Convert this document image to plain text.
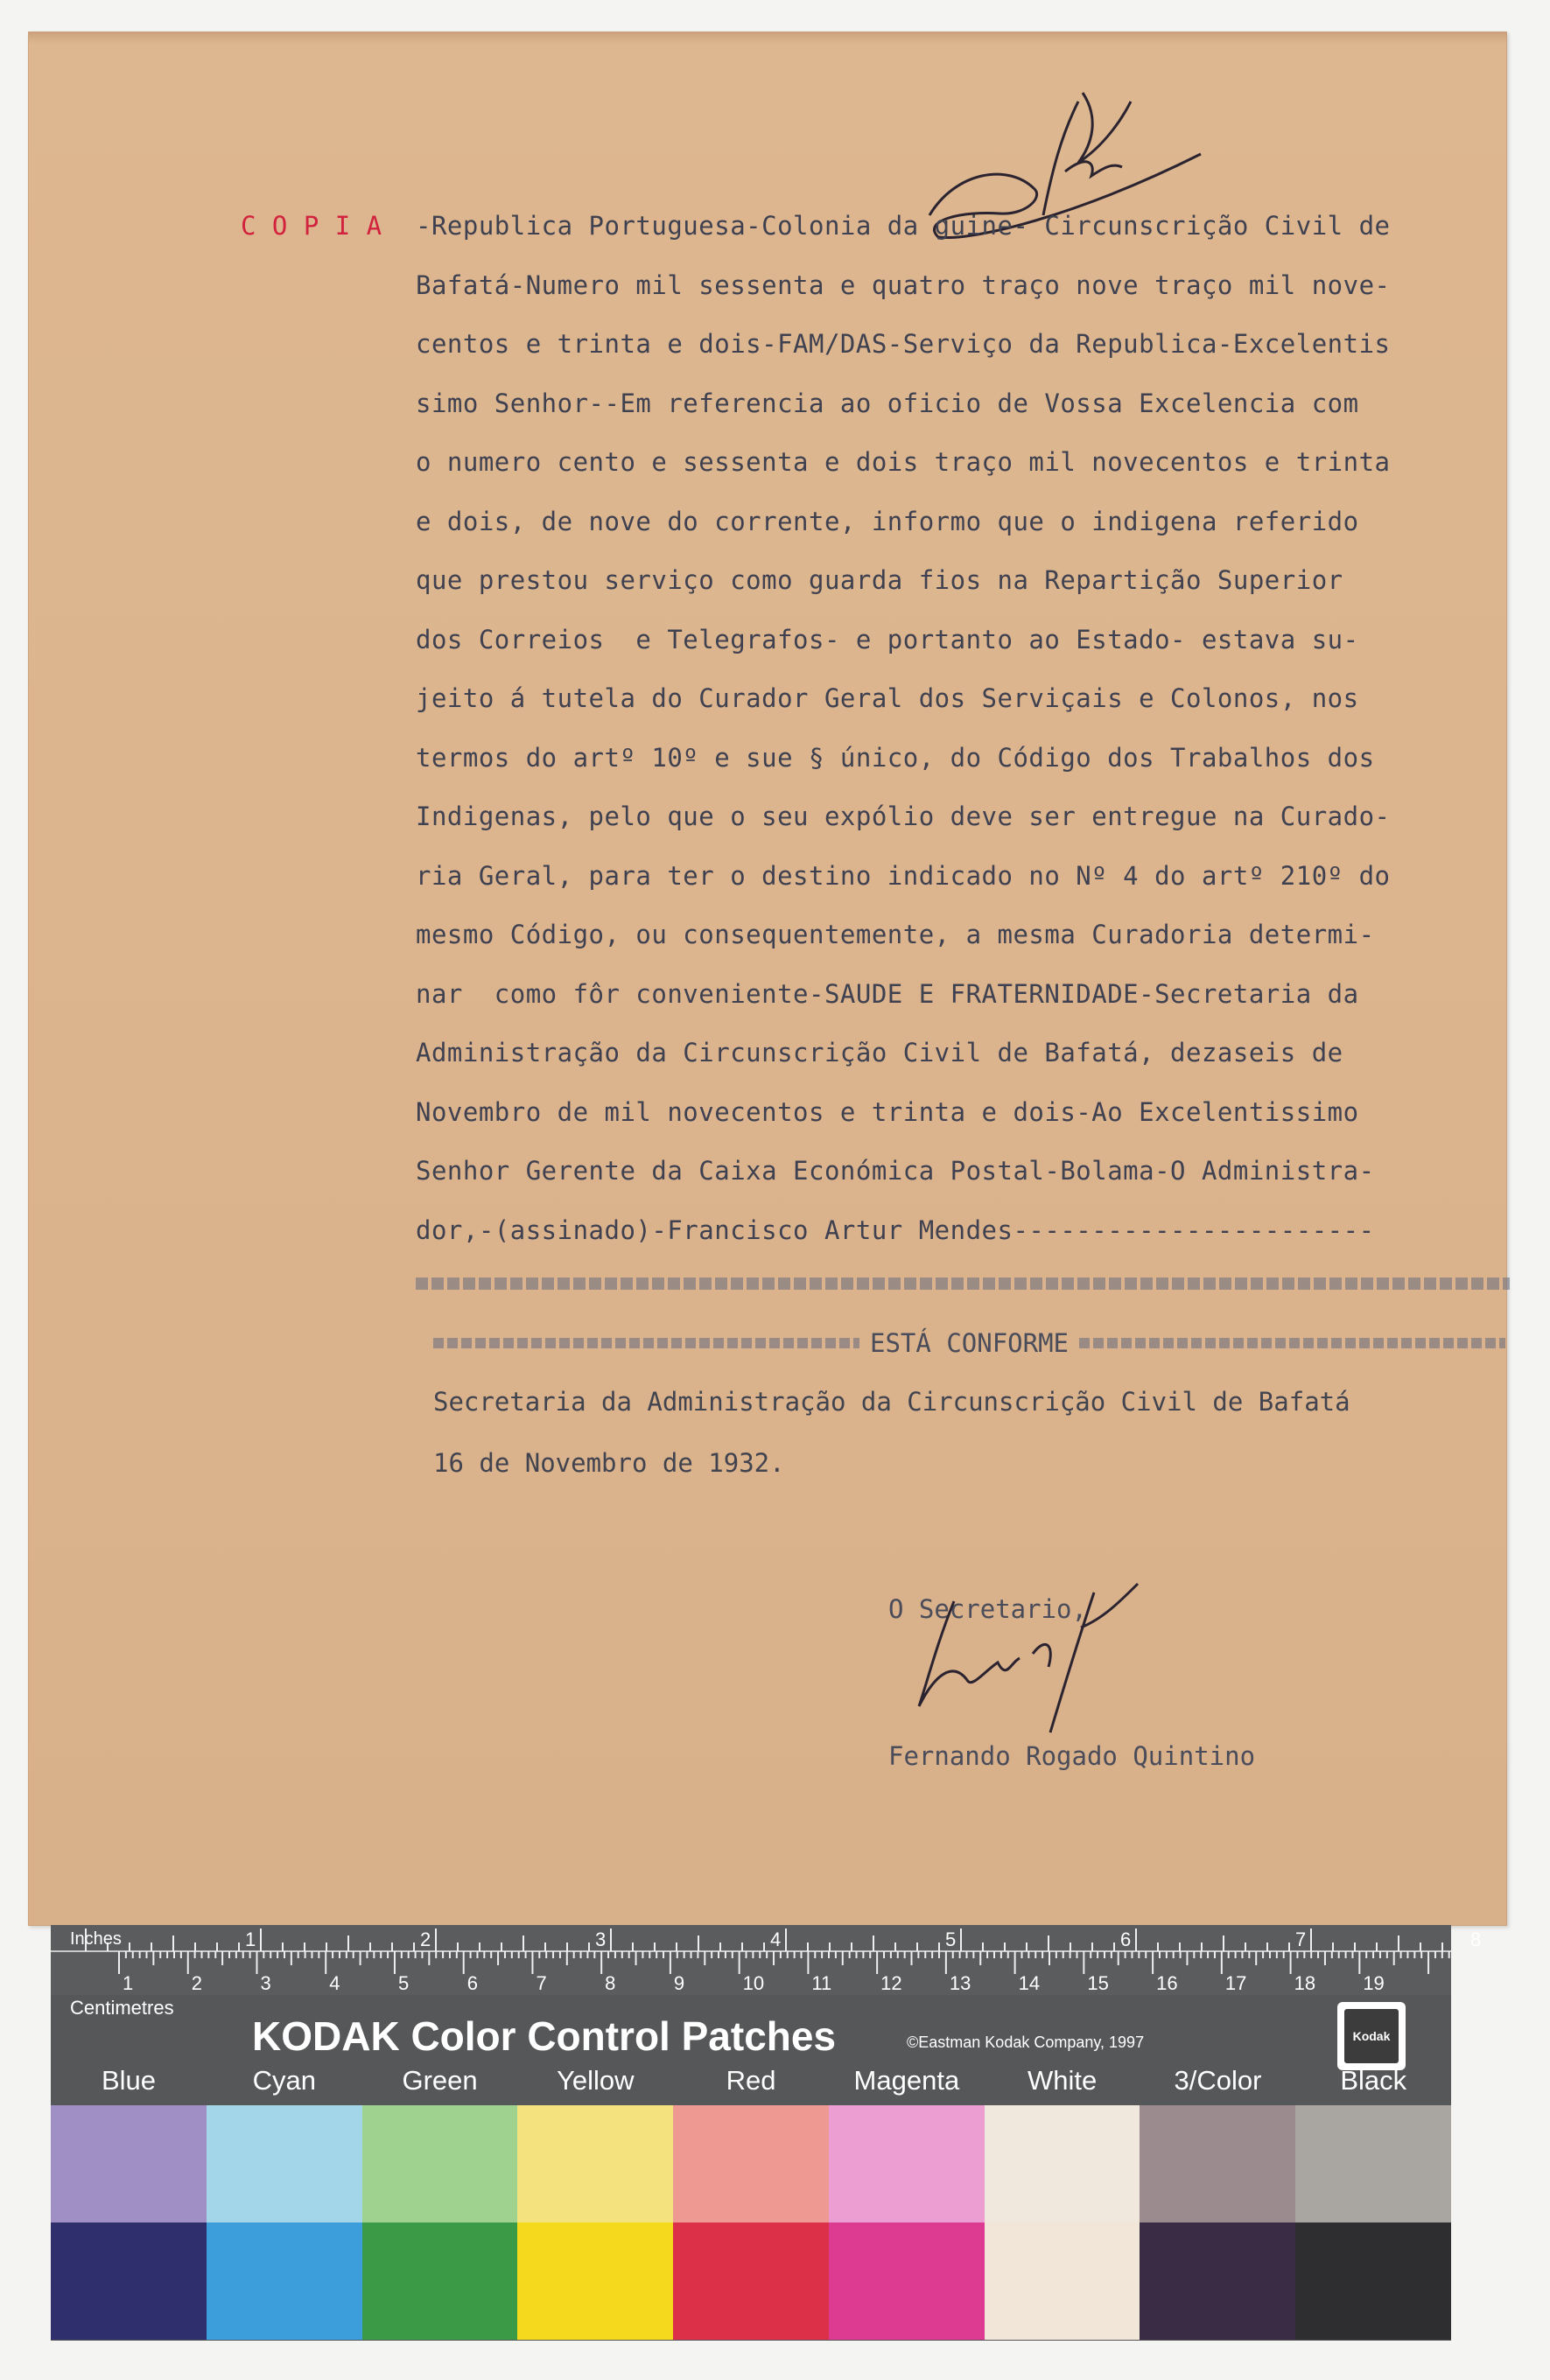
C O P I A -Republica Portuguesa-Colonia da guine- Circunscrição Civil de
Bafatá-Numero mil sessenta e quatro traço nove traço mil nove-
centos e trinta e dois-FAM/DAS-Serviço da Republica-Excelentis
simo Senhor--Em referencia ao oficio de Vossa Excelencia com
o numero cento e sessenta e dois traço mil novecentos e trinta
e dois, de nove do corrente, informo que o indigena referido
que prestou serviço como guarda fios na Repartição Superior
dos Correios  e Telegrafos- e portanto ao Estado- estava su-
jeito á tutela do Curador Geral dos Serviçais e Colonos, nos
termos do artº 10º e sue § único, do Código dos Trabalhos dos
Indigenas, pelo que o seu expólio deve ser entregue na Curado-
ria Geral, para ter o destino indicado no Nº 4 do artº 210º do
mesmo Código, ou consequentemente, a mesma Curadoria determi-
nar  como fôr conveniente-SAUDE E FRATERNIDADE-Secretaria da
Administração da Circunscrição Civil de Bafatá, dezaseis de
Novembro de mil novecentos e trinta e dois-Ao Excelentissimo
Senhor Gerente da Caixa Económica Postal-Bolama-O Administra-
dor,-(assinado)-Francisco Artur Mendes-----------------------
ESTÁ CONFORME
Secretaria da Administração da Circunscrição Civil de Bafatá
16 de Novembro de 1932.
O Secretario,
Fernando Rogado Quintino
Inches	1	2	3	4	5	6	7	8
1	2	3	4	5	6	7	8	9	10 11	12 13 14 15 16 17 18 19
Centimetres
KODAK Color Control Patches	©Eastman Kodak Company, 1997	Kodak
Blue	Cyan	Green	Yellow	Red	Magenta	White	3/Color	Black
